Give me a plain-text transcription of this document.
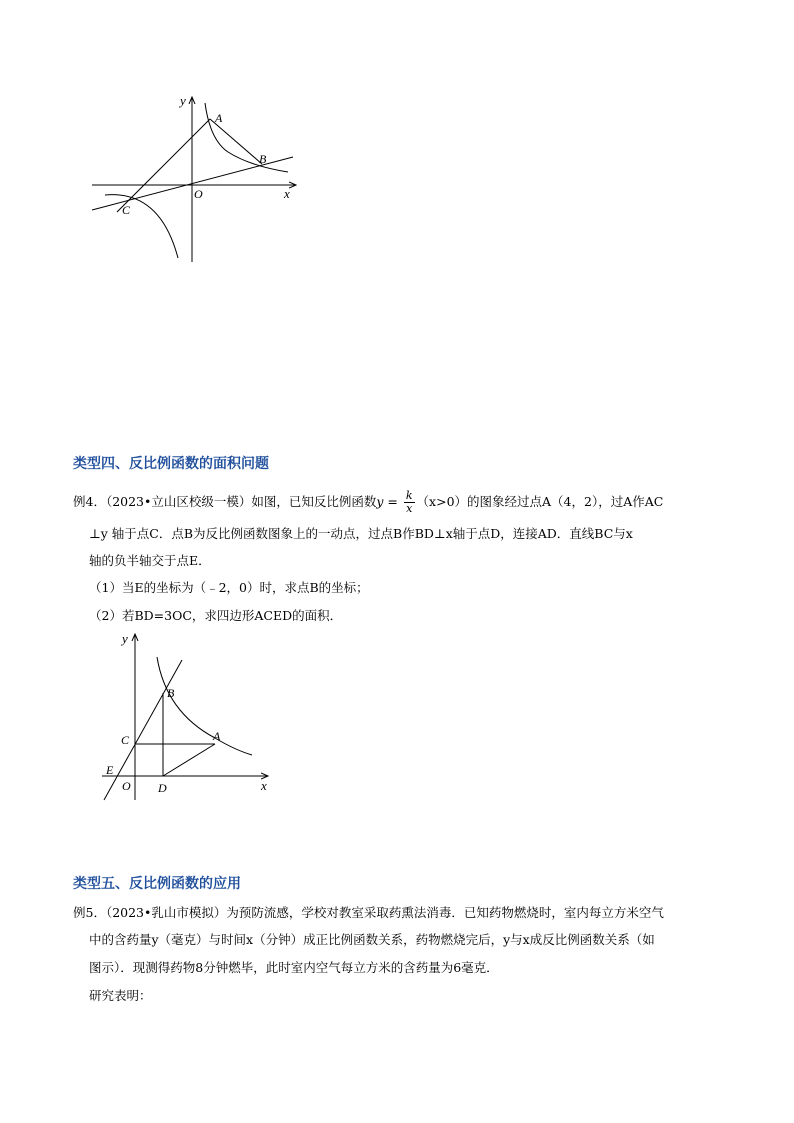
y
x
O
A
B
C
类型四、反比例函数的面积问题
例4．（2023•立山区校级一模）如图，已知反比例函数$y = \frac{k}{x} (x>0)$的图象经过点A（4，2），过A作AC
⊥y 轴于点C．点B为反比例函数图象上的一动点，过点B作BD⊥x轴于点D，连接AD．直线BC与x
轴的负半轴交于点E．
（1）当E的坐标为（﹣2，0）时，求点B的坐标；
（2）若BD=3OC，求四边形ACED的面积．
y
x
O
E
C
B
A
D
类型五、反比例函数的应用
例5．（2023•乳山市模拟）为预防流感，学校对教室采取药熏法消毒．已知药物燃烧时，室内每立方米空气
中的含药量y（毫克）与时间x（分钟）成正比例函数关系，药物燃烧完后，y与x成反比例函数关系（如
图示）．现测得药物8分钟燃毕，此时室内空气每立方米的含药量为6毫克．
研究表明：
